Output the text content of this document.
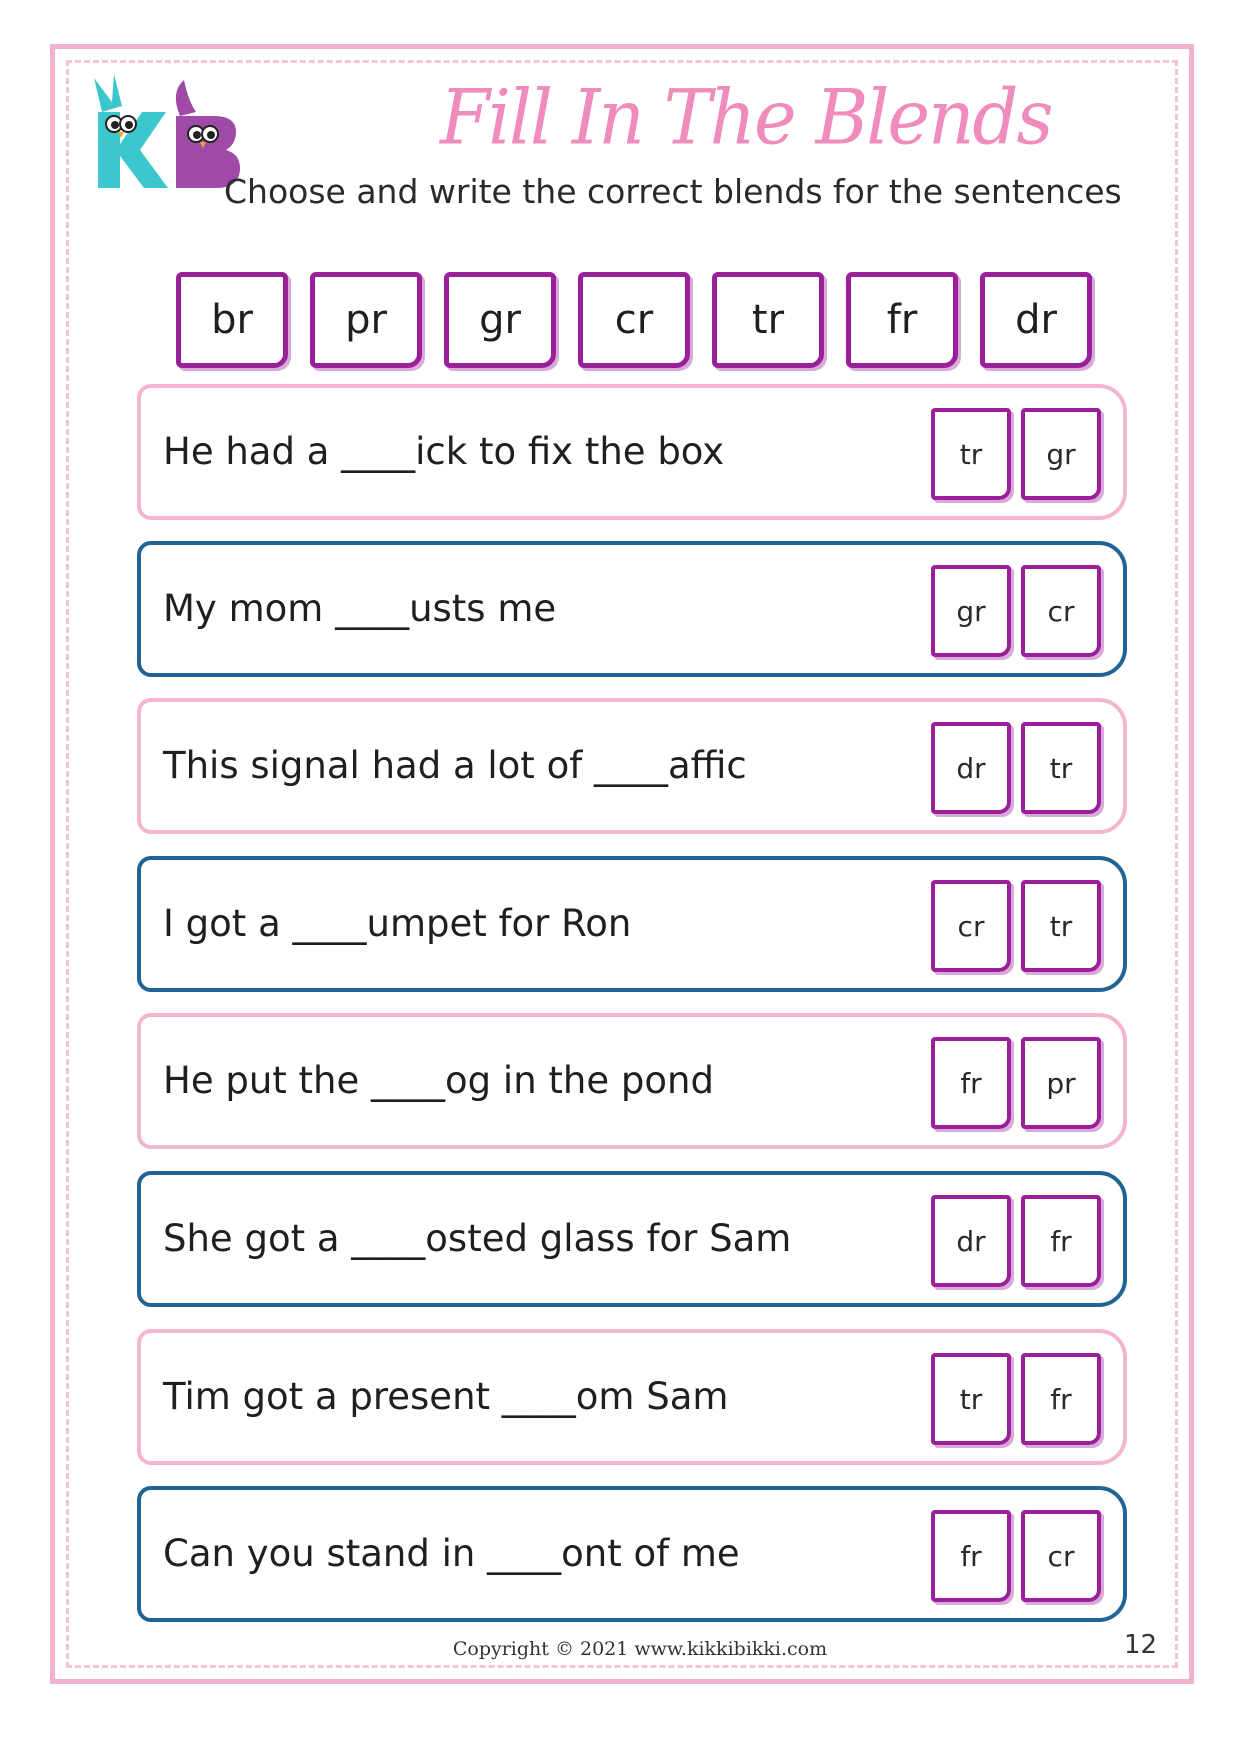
Fill In The Blends
Choose and write the correct blends for the sentences
br	pr	gr	cr	tr	fr	dr
He had a ____ick to fix the box	tr	gr
My mom ____usts me	gr	cr
This signal had a lot of ____affic	dr	tr
I got a ____umpet for Ron	cr	tr
He put the ____og in the pond	fr	pr
She got a ____osted glass for Sam	dr	fr
Tim got a present ____om Sam	tr	fr
Can you stand in ____ont of me	fr	cr
Copyright © 2021 www.kikkibikki.com	12
